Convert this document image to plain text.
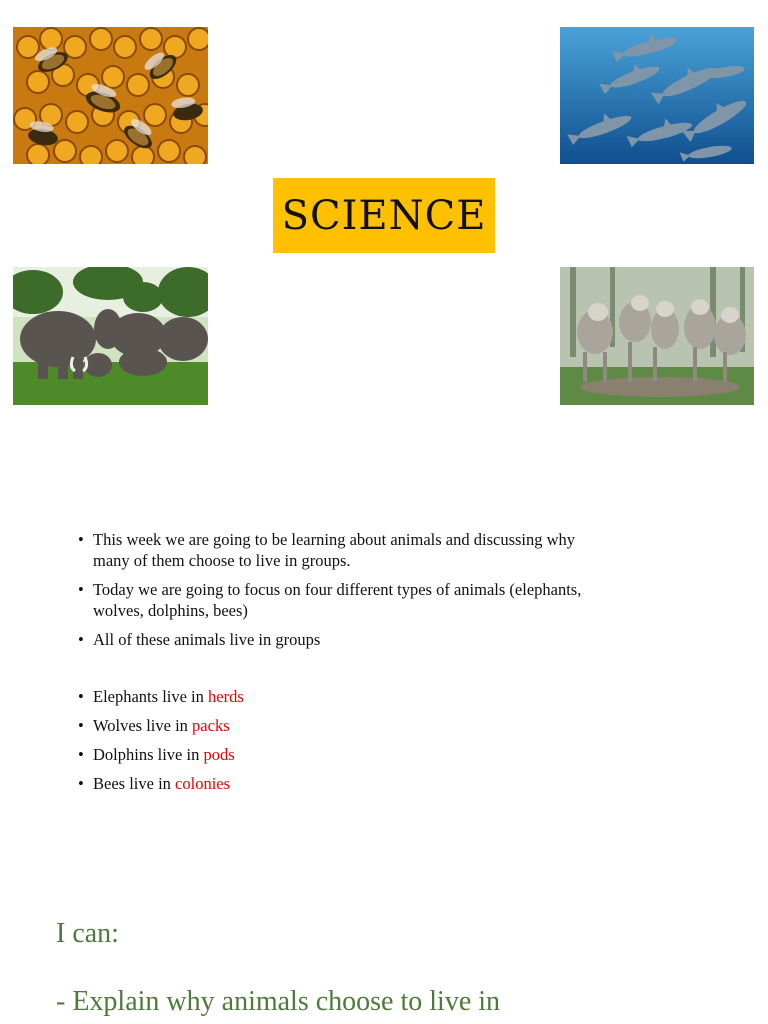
SCIENCE
• This week we are going to be learning about animals and discussing why many of them choose to live in groups.
• Today we are going to focus on four different types of animals (elephants, wolves, dolphins, bees)
• All of these animals live in groups
• Elephants live in herds
• Wolves live in packs
• Dolphins live in pods
• Bees live in colonies
I can:

- Explain why animals choose to live in
